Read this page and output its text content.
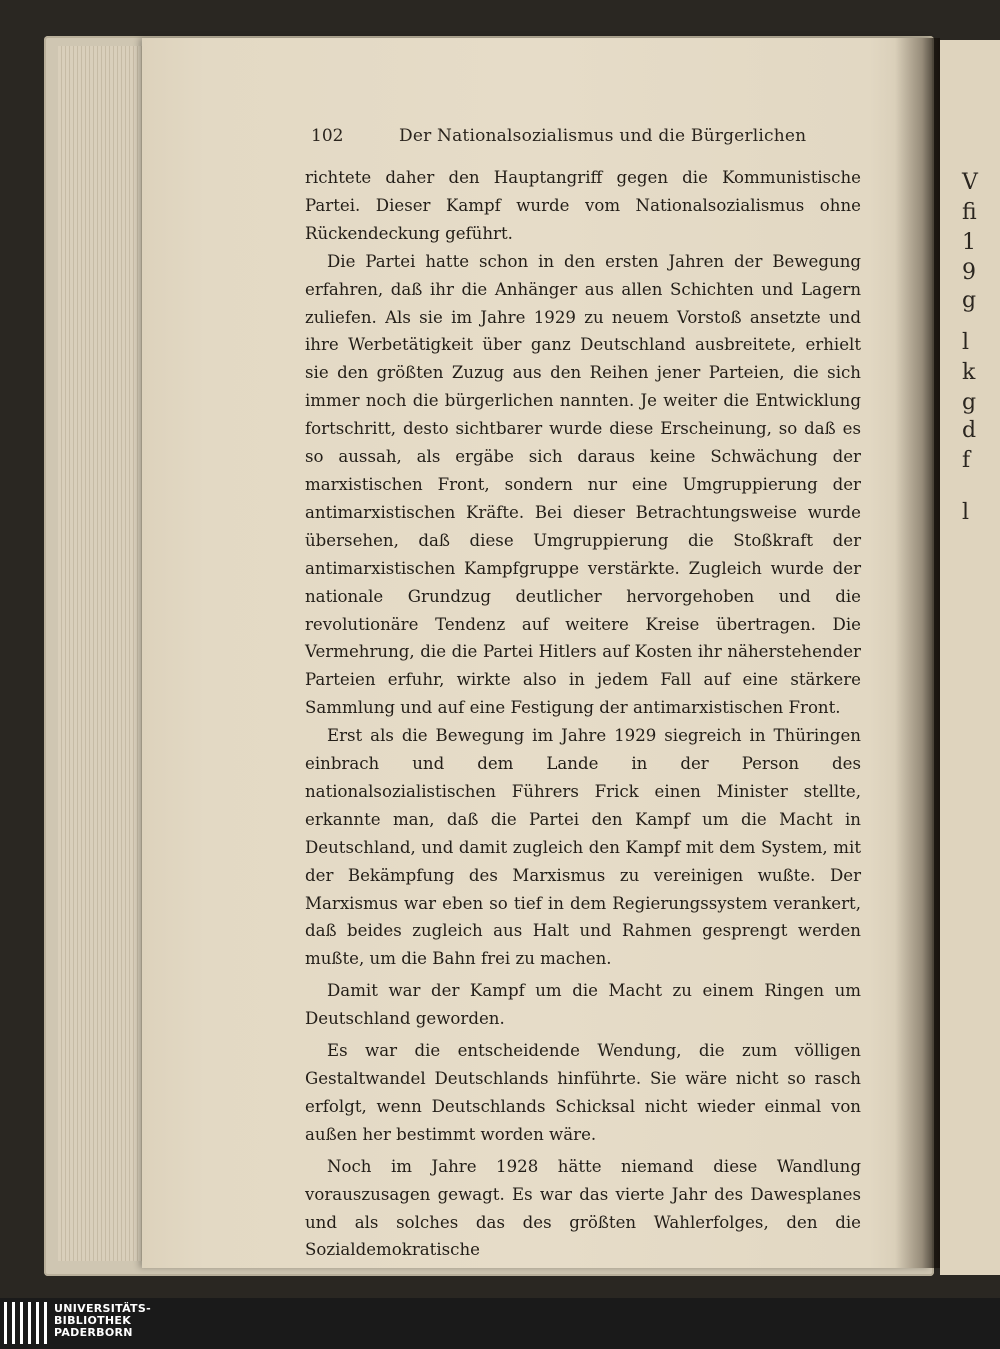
V
fi
1
9
g
l
k
g
d
f
l
102	Der Nationalsozialismus und die Bürgerlichen

richtete daher den Hauptangriff gegen die Kommunistische Partei. Dieser Kampf wurde vom Nationalsozialismus ohne Rückendeckung geführt.

Die Partei hatte schon in den ersten Jahren der Bewegung erfahren, daß ihr die Anhänger aus allen Schichten und Lagern zuliefen. Als sie im Jahre 1929 zu neuem Vorstoß ansetzte und ihre Werbetätigkeit über ganz Deutschland ausbreitete, erhielt sie den größten Zuzug aus den Reihen jener Parteien, die sich immer noch die bürgerlichen nannten. Je weiter die Entwicklung fortschritt, desto sichtbarer wurde diese Erscheinung, so daß es so aussah, als ergäbe sich daraus keine Schwächung der marxistischen Front, sondern nur eine Umgruppierung der antimarxistischen Kräfte. Bei dieser Betrachtungsweise wurde übersehen, daß diese Umgruppierung die Stoßkraft der antimarxistischen Kampfgruppe verstärkte. Zugleich wurde der nationale Grundzug deutlicher hervorgehoben und die revolutionäre Tendenz auf weitere Kreise übertragen. Die Vermehrung, die die Partei Hitlers auf Kosten ihr näherstehender Parteien erfuhr, wirkte also in jedem Fall auf eine stärkere Sammlung und auf eine Festigung der antimarxistischen Front.

Erst als die Bewegung im Jahre 1929 siegreich in Thüringen einbrach und dem Lande in der Person des nationalsozialistischen Führers Frick einen Minister stellte, erkannte man, daß die Partei den Kampf um die Macht in Deutschland, und damit zugleich den Kampf mit dem System, mit der Bekämpfung des Marxismus zu vereinigen wußte. Der Marxismus war eben so tief in dem Regierungssystem verankert, daß beides zugleich aus Halt und Rahmen gesprengt werden mußte, um die Bahn frei zu machen.

Damit war der Kampf um die Macht zu einem Ringen um Deutschland geworden.

Es war die entscheidende Wendung, die zum völligen Gestaltwandel Deutschlands hinführte. Sie wäre nicht so rasch erfolgt, wenn Deutschlands Schicksal nicht wieder einmal von außen her bestimmt worden wäre.

Noch im Jahre 1928 hätte niemand diese Wandlung vorauszusagen gewagt. Es war das vierte Jahr des Dawesplanes und als solches das des größten Wahlerfolges, den die Sozialdemokratische

UNIVERSITÄTS-
BIBLIOTHEK
PADERBORN
